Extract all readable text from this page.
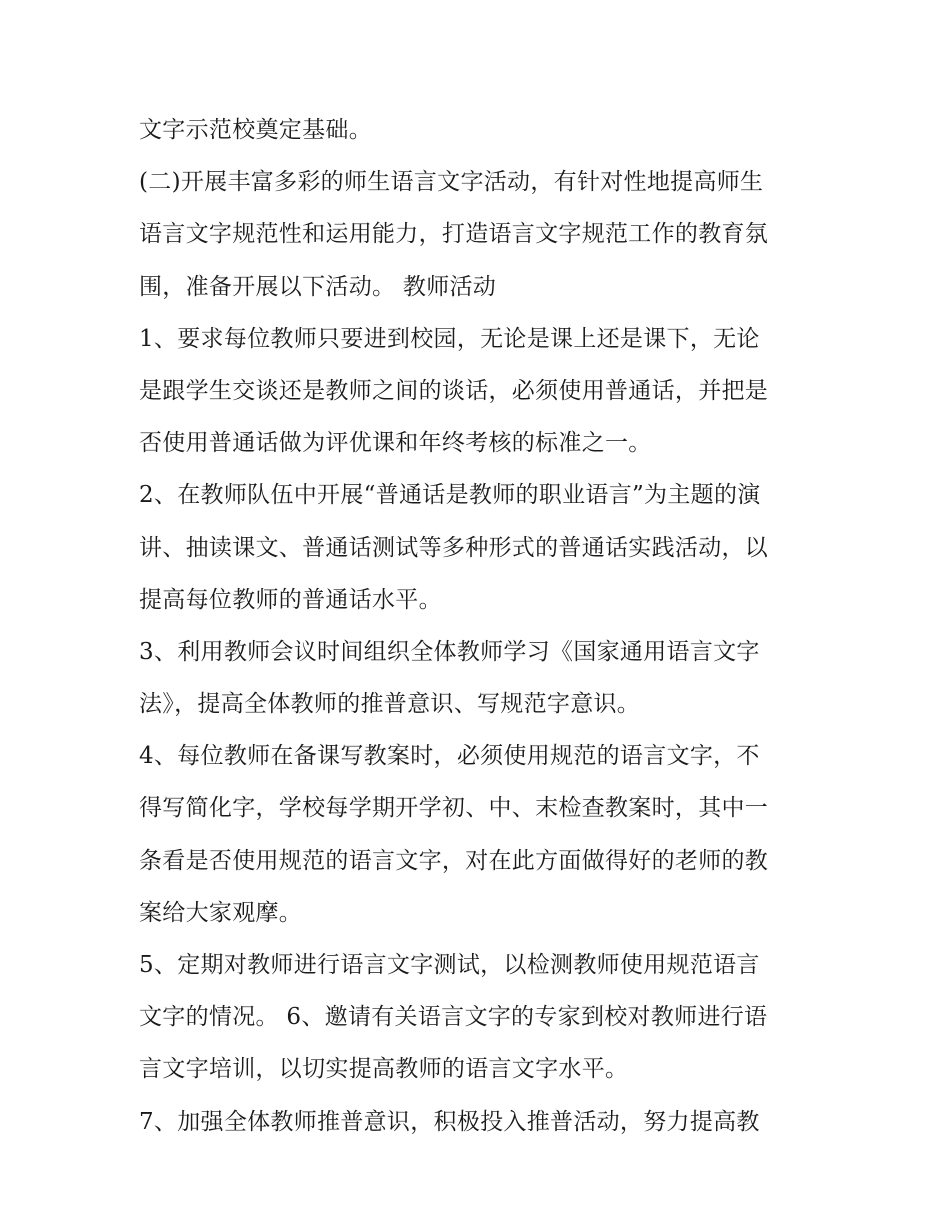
文字示范校奠定基础。
(二)开展丰富多彩的师生语言文字活动，有针对性地提高师生
语言文字规范性和运用能力，打造语言文字规范工作的教育氛
围，准备开展以下活动。 教师活动
1、要求每位教师只要进到校园，无论是课上还是课下，无论
是跟学生交谈还是教师之间的谈话，必须使用普通话，并把是
否使用普通话做为评优课和年终考核的标准之一。
2、在教师队伍中开展“普通话是教师的职业语言”为主题的演
讲、抽读课文、普通话测试等多种形式的普通话实践活动，以
提高每位教师的普通话水平。
3、利用教师会议时间组织全体教师学习《国家通用语言文字
法》，提高全体教师的推普意识、写规范字意识。
4、每位教师在备课写教案时，必须使用规范的语言文字，不
得写简化字，学校每学期开学初、中、末检查教案时，其中一
条看是否使用规范的语言文字，对在此方面做得好的老师的教
案给大家观摩。
5、定期对教师进行语言文字测试，以检测教师使用规范语言
文字的情况。 6、邀请有关语言文字的专家到校对教师进行语
言文字培训，以切实提高教师的语言文字水平。
7、加强全体教师推普意识，积极投入推普活动，努力提高教
